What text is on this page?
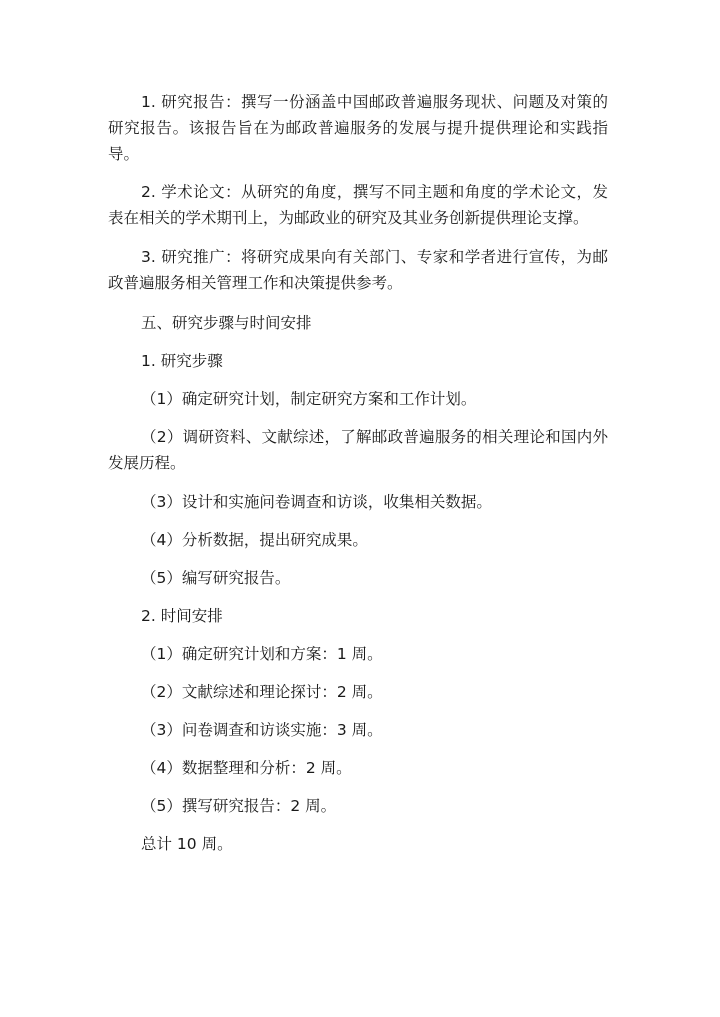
1. 研究报告：撰写一份涵盖中国邮政普遍服务现状、问题及对策的研究报告。该报告旨在为邮政普遍服务的发展与提升提供理论和实践指导。

2. 学术论文：从研究的角度，撰写不同主题和角度的学术论文，发表在相关的学术期刊上，为邮政业的研究及其业务创新提供理论支撑。

3. 研究推广：将研究成果向有关部门、专家和学者进行宣传，为邮政普遍服务相关管理工作和决策提供参考。

五、研究步骤与时间安排

1. 研究步骤

（1）确定研究计划，制定研究方案和工作计划。

（2）调研资料、文献综述，了解邮政普遍服务的相关理论和国内外发展历程。

（3）设计和实施问卷调查和访谈，收集相关数据。

（4）分析数据，提出研究成果。

（5）编写研究报告。

2. 时间安排

（1）确定研究计划和方案：1 周。

（2）文献综述和理论探讨：2 周。

（3）问卷调查和访谈实施：3 周。

（4）数据整理和分析：2 周。

（5）撰写研究报告：2 周。

总计 10 周。
